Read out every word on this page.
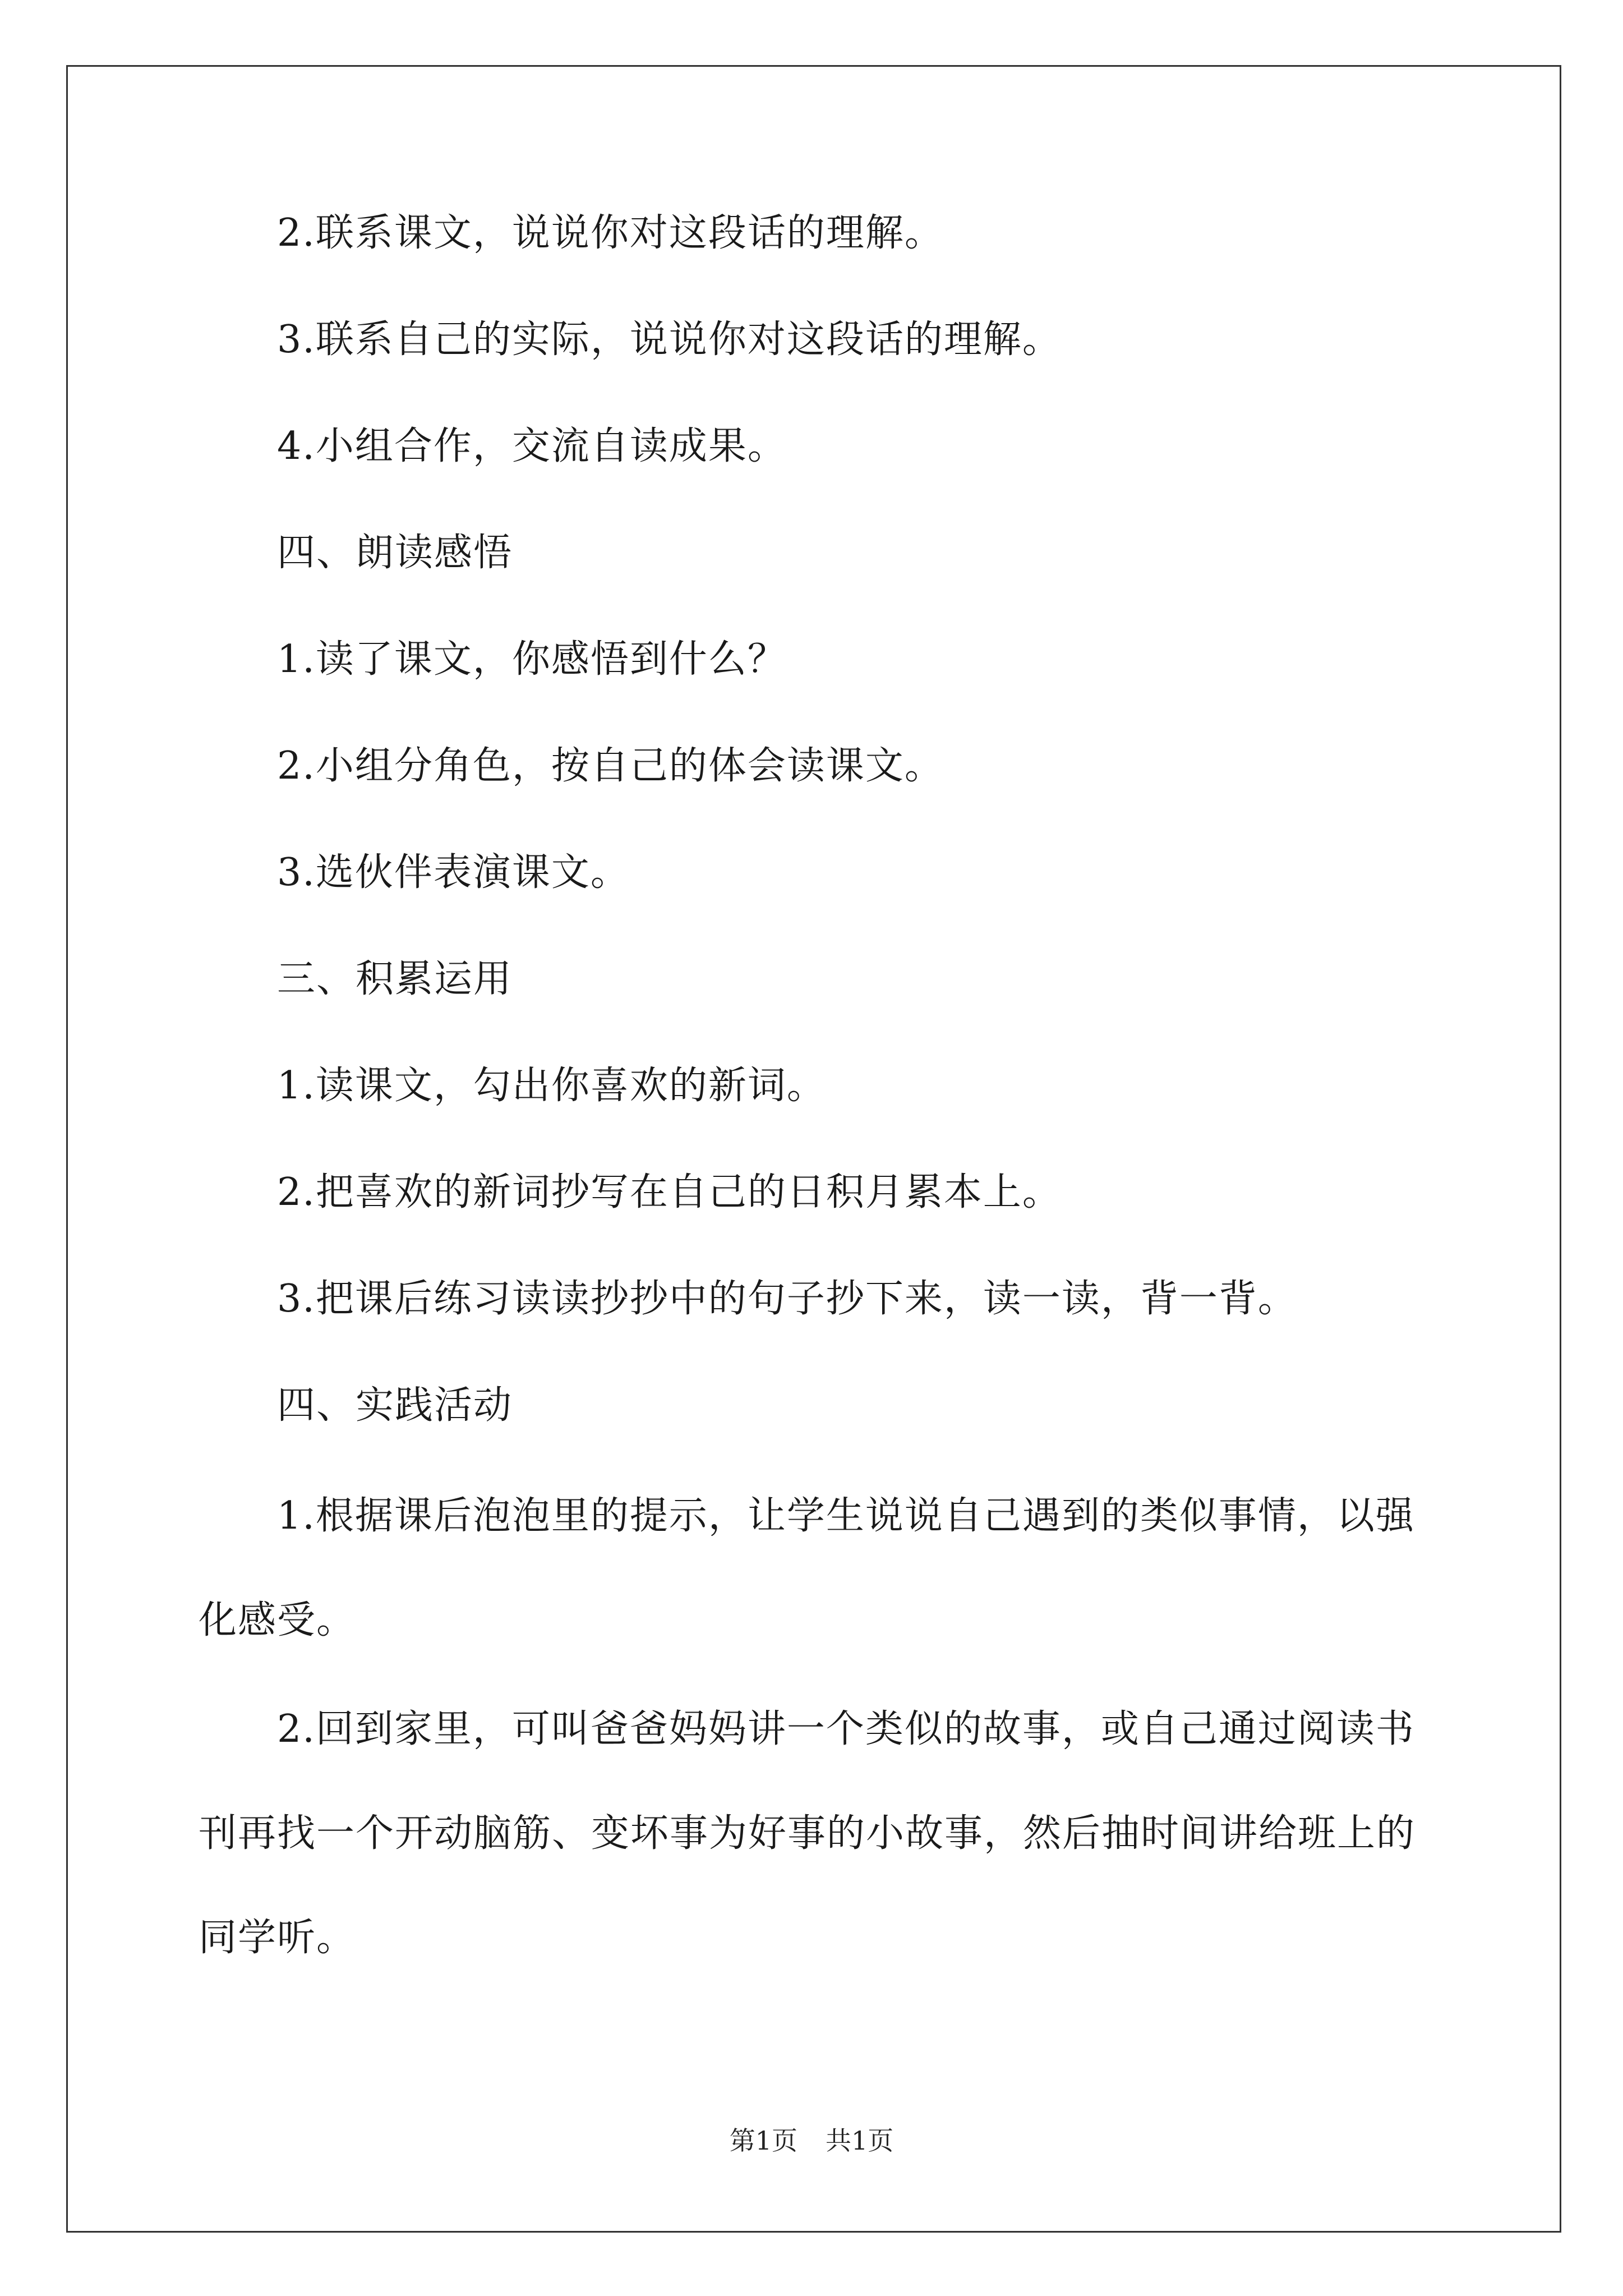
2.联系课文，说说你对这段话的理解。
3.联系自己的实际，说说你对这段话的理解。
4.小组合作，交流自读成果。
四、朗读感悟
1.读了课文，你感悟到什么？
2.小组分角色，按自己的体会读课文。
3.选伙伴表演课文。
三、积累运用
1.读课文，勾出你喜欢的新词。
2.把喜欢的新词抄写在自己的日积月累本上。
3.把课后练习读读抄抄中的句子抄下来，读一读，背一背。
四、实践活动
1.根据课后泡泡里的提示，让学生说说自己遇到的类似事情，以强化感受。
2.回到家里，可叫爸爸妈妈讲一个类似的故事，或自己通过阅读书刊再找一个开动脑筋、变坏事为好事的小故事，然后抽时间讲给班上的同学听。
第1页 共1页
